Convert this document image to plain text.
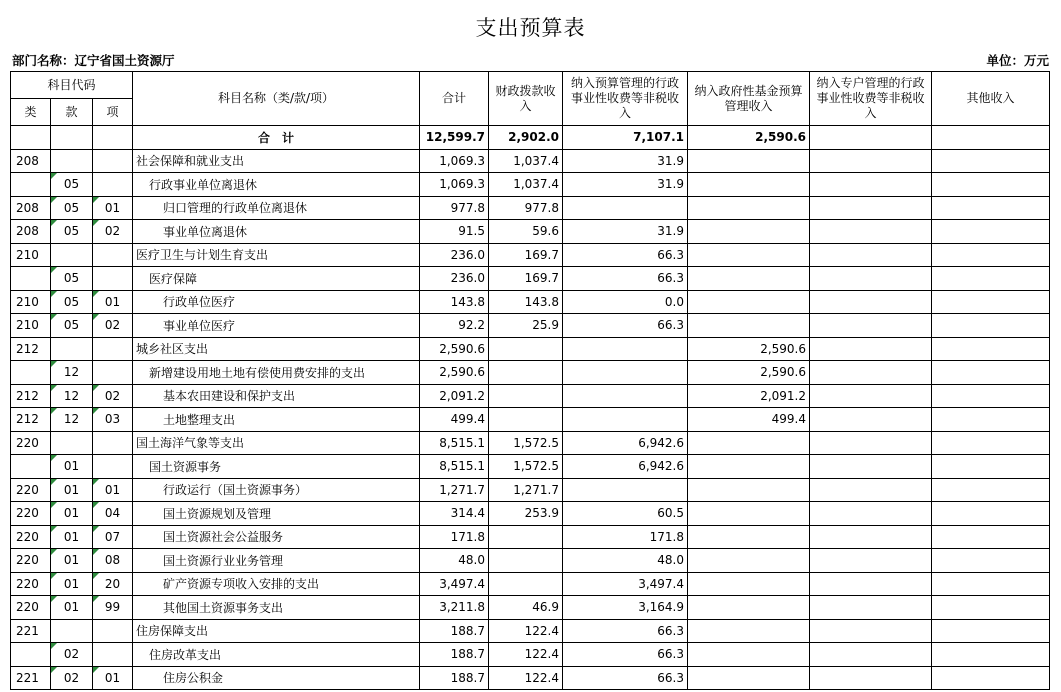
支出预算表
部门名称：辽宁省国土资源厅	单位：万元
科目代码			科目名称（类/款/项）	合计	财政拨款收入	纳入预算管理的行政事业性收费等非税收入	纳入政府性基金预算管理收入	纳入专户管理的行政事业性收费等非税收入	其他收入
类	款	项							
			合　计	12,599.7	2,902.0	7,107.1	2,590.6		
208			社会保障和就业支出	1,069.3	1,037.4	31.9			
	05		行政事业单位离退休	1,069.3	1,037.4	31.9			
208	05	01	归口管理的行政单位离退休	977.8	977.8				
208	05	02	事业单位离退休	91.5	59.6	31.9			
210			医疗卫生与计划生育支出	236.0	169.7	66.3			
	05		医疗保障	236.0	169.7	66.3			
210	05	01	行政单位医疗	143.8	143.8	0.0			
210	05	02	事业单位医疗	92.2	25.9	66.3			
212			城乡社区支出	2,590.6			2,590.6		
	12		新增建设用地土地有偿使用费安排的支出	2,590.6			2,590.6		
212	12	02	基本农田建设和保护支出	2,091.2			2,091.2		
212	12	03	土地整理支出	499.4			499.4		
220			国土海洋气象等支出	8,515.1	1,572.5	6,942.6			
	01		国土资源事务	8,515.1	1,572.5	6,942.6			
220	01	01	行政运行（国土资源事务）	1,271.7	1,271.7				
220	01	04	国土资源规划及管理	314.4	253.9	60.5			
220	01	07	国土资源社会公益服务	171.8		171.8			
220	01	08	国土资源行业业务管理	48.0		48.0			
220	01	20	矿产资源专项收入安排的支出	3,497.4		3,497.4			
220	01	99	其他国土资源事务支出	3,211.8	46.9	3,164.9			
221			住房保障支出	188.7	122.4	66.3			
	02		住房改革支出	188.7	122.4	66.3			
221	02	01	住房公积金	188.7	122.4	66.3			
